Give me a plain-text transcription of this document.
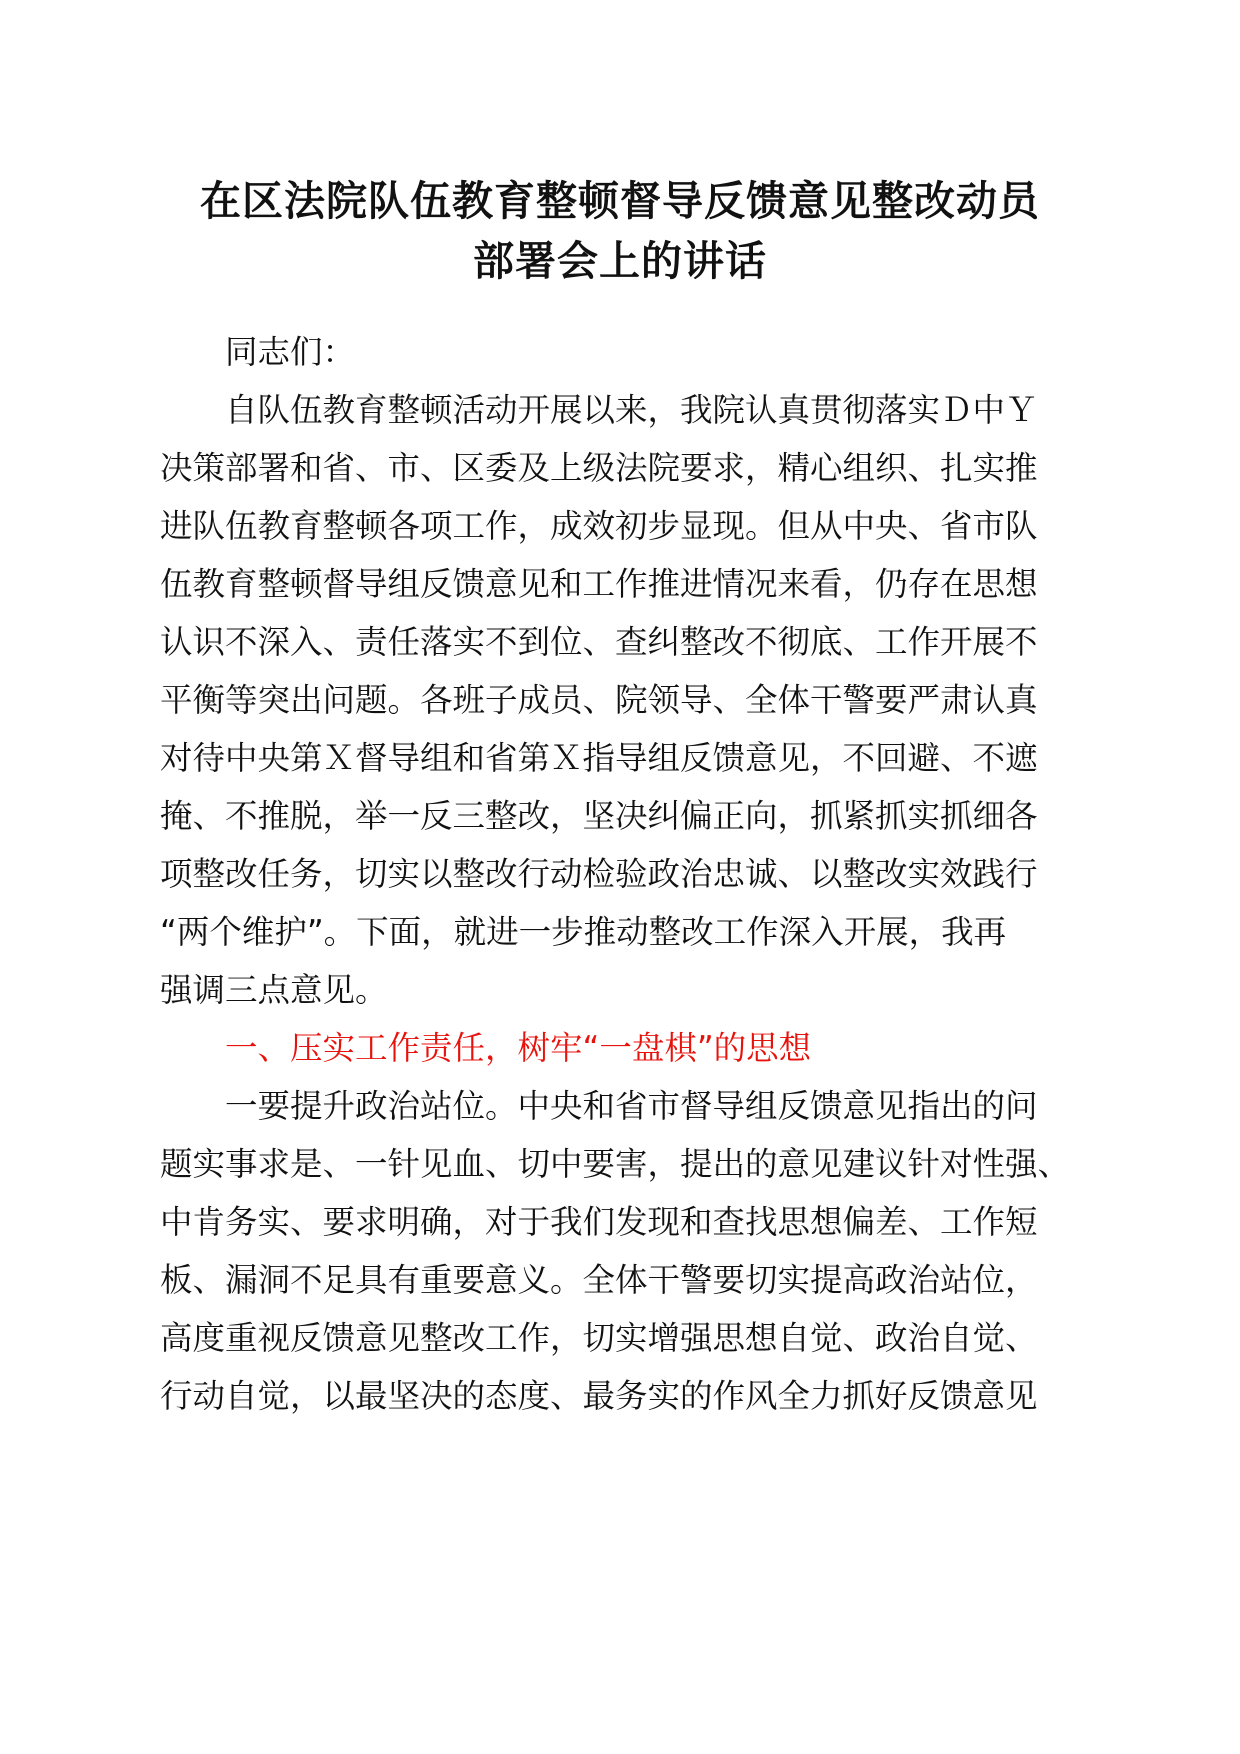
在区法院队伍教育整顿督导反馈意见整改动员
部署会上的讲话
同志们：
自队伍教育整顿活动开展以来，我院认真贯彻落实Ｄ中Ｙ
决策部署和省、市、区委及上级法院要求，精心组织、扎实推
进队伍教育整顿各项工作，成效初步显现。但从中央、省市队
伍教育整顿督导组反馈意见和工作推进情况来看，仍存在思想
认识不深入、责任落实不到位、查纠整改不彻底、工作开展不
平衡等突出问题。各班子成员、院领导、全体干警要严肃认真
对待中央第Ｘ督导组和省第Ｘ指导组反馈意见，不回避、不遮
掩、不推脱，举一反三整改，坚决纠偏正向，抓紧抓实抓细各
项整改任务，切实以整改行动检验政治忠诚、以整改实效践行
“两个维护”。下面，就进一步推动整改工作深入开展，我再
强调三点意见。
一、压实工作责任，树牢“一盘棋”的思想
一要提升政治站位。中央和省市督导组反馈意见指出的问
题实事求是、一针见血、切中要害，提出的意见建议针对性强、
中肯务实、要求明确，对于我们发现和查找思想偏差、工作短
板、漏洞不足具有重要意义。全体干警要切实提高政治站位，
高度重视反馈意见整改工作，切实增强思想自觉、政治自觉、
行动自觉，以最坚决的态度、最务实的作风全力抓好反馈意见
